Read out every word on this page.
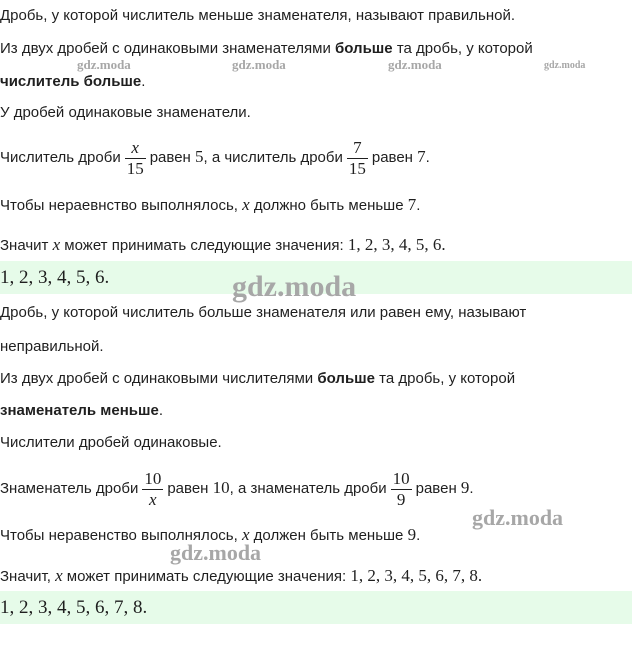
Дробь, у которой числитель меньше знаменателя, называют правильной.
Из двух дробей с одинаковыми знаменателями больше та дробь, у которой
числитель больше.
У дробей одинаковые знаменатели.
Числитель дроби $\frac{x}{15}$ равен 5, а числитель дроби $\frac{7}{15}$ равен 7.
Чтобы нераевнство выполнялось, x должно быть меньше 7.
Значит x может принимать следующие значения: 1, 2, 3, 4, 5, 6.
1, 2, 3, 4, 5, 6.
Дробь, у которой числитель больше знаменателя или равен ему, называют
неправильной.
Из двух дробей с одинаковыми числителями больше та дробь, у которой
знаменатель меньше.
Числители дробей одинаковые.
Знаменатель дроби $\frac{10}{x}$ равен 10, а знаменатель дроби $\frac{10}{9}$ равен 9.
Чтобы неравенство выполнялось, x должен быть меньше 9.
Значит, x может принимать следующие значения: 1, 2, 3, 4, 5, 6, 7, 8.
1, 2, 3, 4, 5, 6, 7, 8.
gdz.moda	gdz.moda	gdz.moda	gdz.moda
gdz.moda
gdz.moda
gdz.moda
